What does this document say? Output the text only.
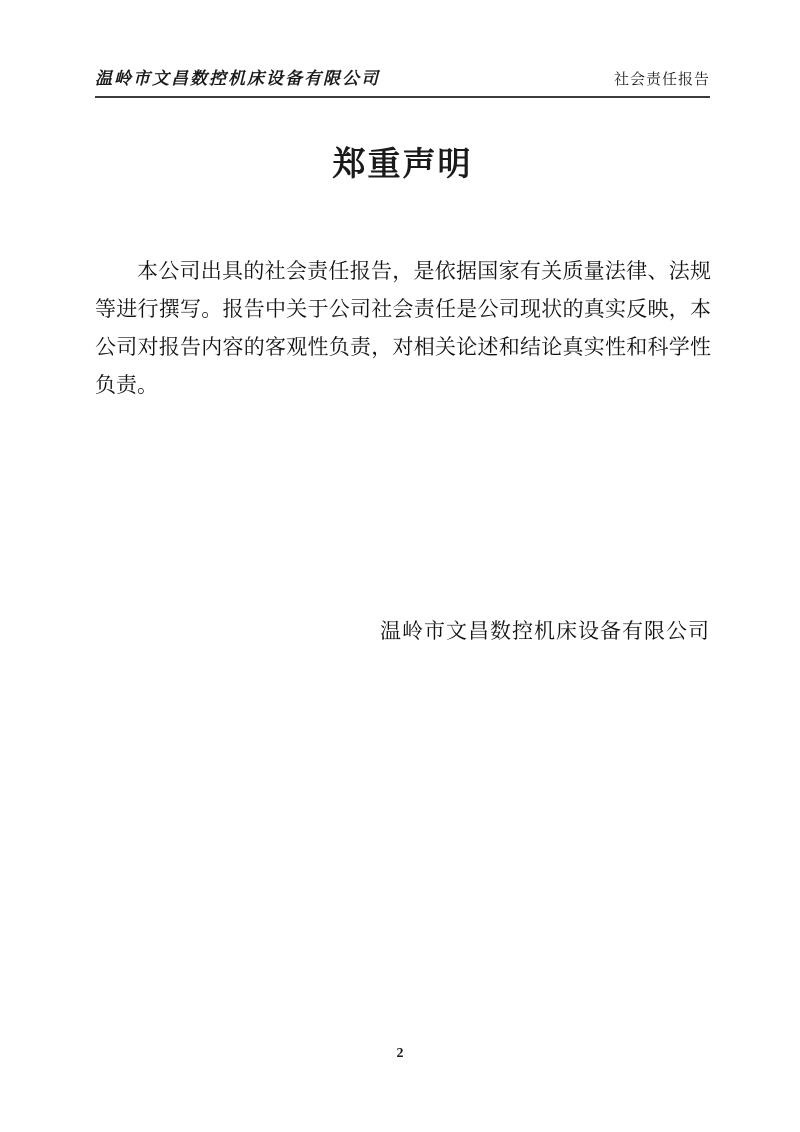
温岭市文昌数控机床设备有限公司	社会责任报告
郑重声明
本公司出具的社会责任报告，是依据国家有关质量法律、法规等进行撰写。报告中关于公司社会责任是公司现状的真实反映，本公司对报告内容的客观性负责，对相关论述和结论真实性和科学性负责。
温岭市文昌数控机床设备有限公司
2
